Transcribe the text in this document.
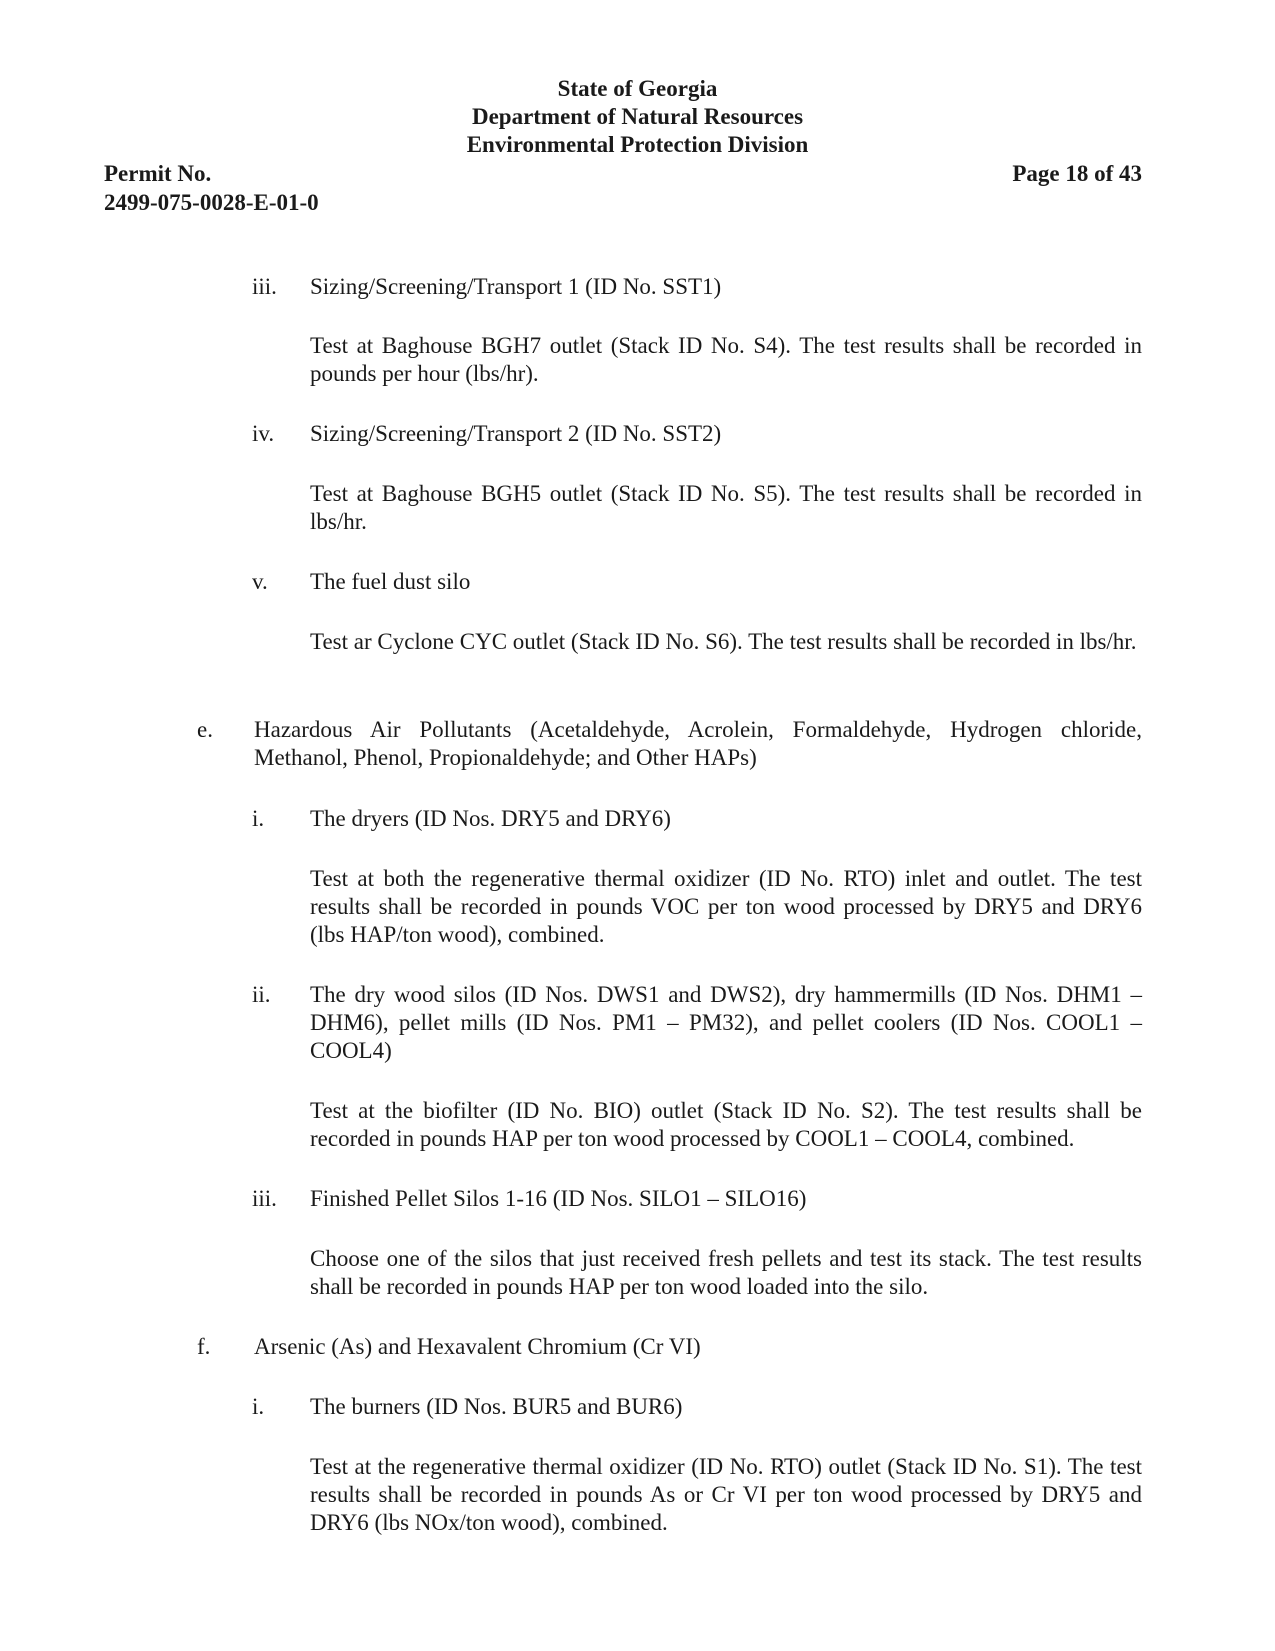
State of Georgia
Department of Natural Resources
Environmental Protection Division
Permit No.
2499-075-0028-E-01-0
Page 18 of 43
iii. Sizing/Screening/Transport 1 (ID No. SST1)
Test at Baghouse BGH7 outlet (Stack ID No. S4). The test results shall be recorded in pounds per hour (lbs/hr).
iv. Sizing/Screening/Transport 2 (ID No. SST2)
Test at Baghouse BGH5 outlet (Stack ID No. S5). The test results shall be recorded in lbs/hr.
v. The fuel dust silo
Test ar Cyclone CYC outlet (Stack ID No. S6). The test results shall be recorded in lbs/hr.
e. Hazardous Air Pollutants (Acetaldehyde, Acrolein, Formaldehyde, Hydrogen chloride, Methanol, Phenol, Propionaldehyde; and Other HAPs)
i. The dryers (ID Nos. DRY5 and DRY6)
Test at both the regenerative thermal oxidizer (ID No. RTO) inlet and outlet. The test results shall be recorded in pounds VOC per ton wood processed by DRY5 and DRY6 (lbs HAP/ton wood), combined.
ii. The dry wood silos (ID Nos. DWS1 and DWS2), dry hammermills (ID Nos. DHM1 – DHM6), pellet mills (ID Nos. PM1 – PM32), and pellet coolers (ID Nos. COOL1 – COOL4)
Test at the biofilter (ID No. BIO) outlet (Stack ID No. S2). The test results shall be recorded in pounds HAP per ton wood processed by COOL1 – COOL4, combined.
iii. Finished Pellet Silos 1-16 (ID Nos. SILO1 – SILO16)
Choose one of the silos that just received fresh pellets and test its stack. The test results shall be recorded in pounds HAP per ton wood loaded into the silo.
f. Arsenic (As) and Hexavalent Chromium (Cr VI)
i. The burners (ID Nos. BUR5 and BUR6)
Test at the regenerative thermal oxidizer (ID No. RTO) outlet (Stack ID No. S1). The test results shall be recorded in pounds As or Cr VI per ton wood processed by DRY5 and DRY6 (lbs NOx/ton wood), combined.
